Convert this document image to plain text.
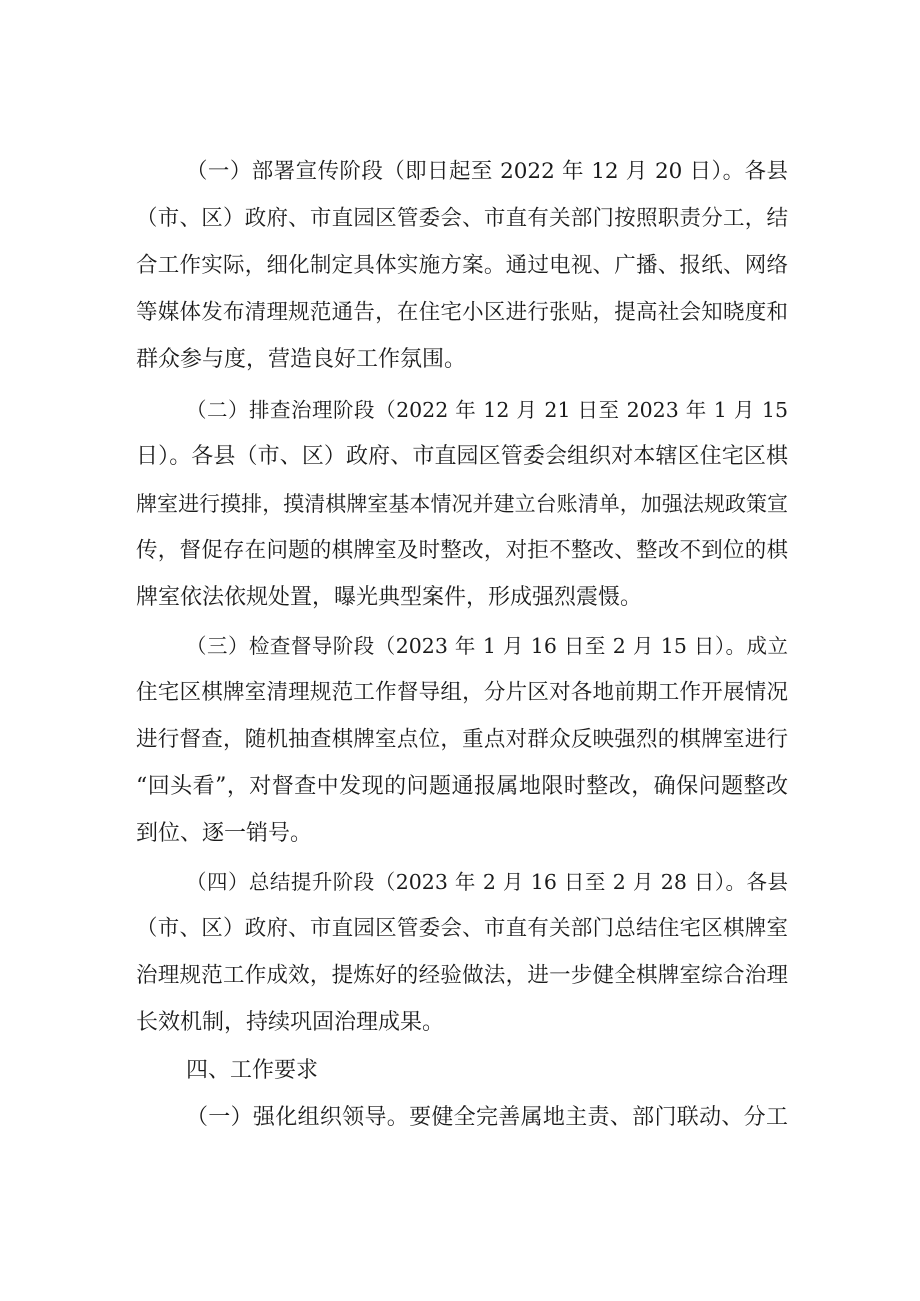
（一）部署宣传阶段（即日起至 2022 年 12 月 20 日）。各县
（市、区）政府、市直园区管委会、市直有关部门按照职责分工，结
合工作实际，细化制定具体实施方案。通过电视、广播、报纸、网络
等媒体发布清理规范通告，在住宅小区进行张贴，提高社会知晓度和
群众参与度，营造良好工作氛围。
（二）排查治理阶段（2022 年 12 月 21 日至 2023 年 1 月 15
日）。各县（市、区）政府、市直园区管委会组织对本辖区住宅区棋
牌室进行摸排，摸清棋牌室基本情况并建立台账清单，加强法规政策宣
传，督促存在问题的棋牌室及时整改，对拒不整改、整改不到位的棋
牌室依法依规处置，曝光典型案件，形成强烈震慑。
（三）检查督导阶段（2023 年 1 月 16 日至 2 月 15 日）。成立
住宅区棋牌室清理规范工作督导组，分片区对各地前期工作开展情况
进行督查，随机抽查棋牌室点位，重点对群众反映强烈的棋牌室进行
“回头看”，对督查中发现的问题通报属地限时整改，确保问题整改
到位、逐一销号。
（四）总结提升阶段（2023 年 2 月 16 日至 2 月 28 日）。各县
（市、区）政府、市直园区管委会、市直有关部门总结住宅区棋牌室
治理规范工作成效，提炼好的经验做法，进一步健全棋牌室综合治理
长效机制，持续巩固治理成果。
四、工作要求
（一）强化组织领导。要健全完善属地主责、部门联动、分工
